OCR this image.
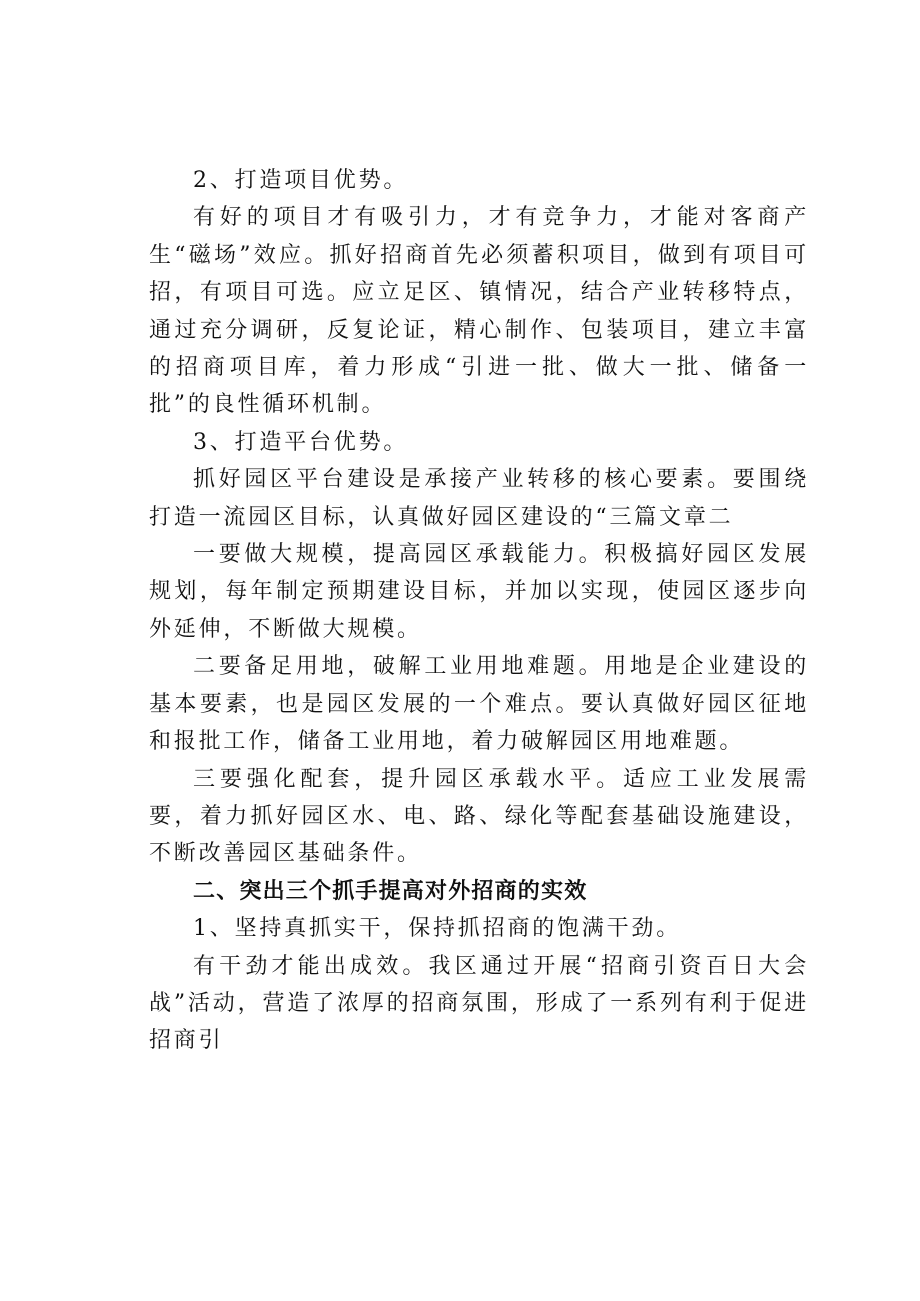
2、打造项目优势。

有好的项目才有吸引力，才有竞争力，才能对客商产生“磁场”效应。抓好招商首先必须蓄积项目，做到有项目可招，有项目可选。应立足区、镇情况，结合产业转移特点，通过充分调研，反复论证，精心制作、包装项目，建立丰富的招商项目库，着力形成“引进一批、做大一批、储备一批”的良性循环机制。

3、打造平台优势。

抓好园区平台建设是承接产业转移的核心要素。要围绕打造一流园区目标，认真做好园区建设的“三篇文章二

一要做大规模，提高园区承载能力。积极搞好园区发展规划，每年制定预期建设目标，并加以实现，使园区逐步向外延伸，不断做大规模。

二要备足用地，破解工业用地难题。用地是企业建设的基本要素，也是园区发展的一个难点。要认真做好园区征地和报批工作，储备工业用地，着力破解园区用地难题。

三要强化配套，提升园区承载水平。适应工业发展需要，着力抓好园区水、电、路、绿化等配套基础设施建设，不断改善园区基础条件。

二、突出三个抓手提高对外招商的实效

1、坚持真抓实干，保持抓招商的饱满干劲。

有干劲才能出成效。我区通过开展“招商引资百日大会战”活动，营造了浓厚的招商氛围，形成了一系列有利于促进招商引
